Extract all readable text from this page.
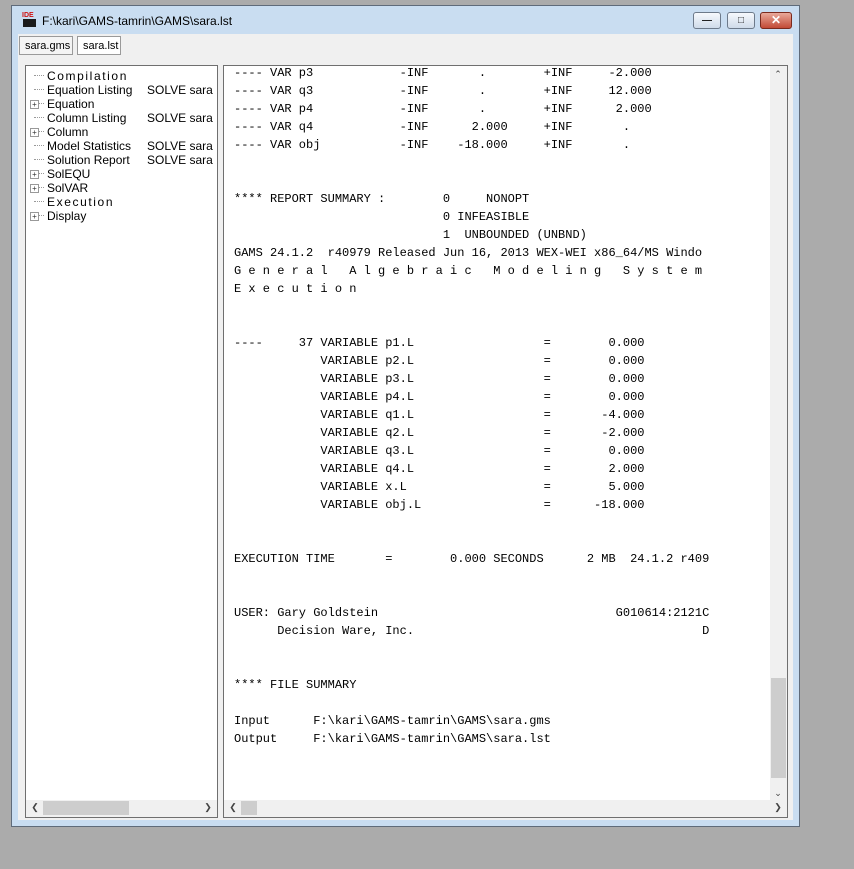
IDE F:\kari\GAMS-tamrin\GAMS\sara.lst	—	□	✕
sara.gms	sara.lst
Compilation
Equation Listing SOLVE sara
+ Equation
Column Listing SOLVE sara
+ Column
Model Statistics SOLVE sara
Solution Report SOLVE sara
+ SolEQU
+ SolVAR
Execution
+ Display
❮	❯
---- VAR p3            -INF       .        +INF     -2.000
---- VAR q3            -INF       .        +INF     12.000
---- VAR p4            -INF       .        +INF      2.000
---- VAR q4            -INF      2.000     +INF       .
---- VAR obj           -INF    -18.000     +INF       .

**** REPORT SUMMARY :        0     NONOPT
0 INFEASIBLE
1  UNBOUNDED (UNBND)
GAMS 24.1.2  r40979 Released Jun 16, 2013 WEX-WEI x86_64/MS Windo
G e n e r a l   A l g e b r a i c   M o d e l i n g   S y s t e m
E x e c u t i o n

----     37 VARIABLE p1.L                  =        0.000
VARIABLE p2.L                  =        0.000
VARIABLE p3.L                  =        0.000
VARIABLE p4.L                  =        0.000
VARIABLE q1.L                  =       -4.000
VARIABLE q2.L                  =       -2.000
VARIABLE q3.L                  =        0.000
VARIABLE q4.L                  =        2.000
VARIABLE x.L                   =        5.000
VARIABLE obj.L                 =      -18.000

EXECUTION TIME       =        0.000 SECONDS      2 MB  24.1.2 r409

USER: Gary Goldstein                                 G010614:2121C
Decision Ware, Inc.                                        D

**** FILE SUMMARY

Input      F:\kari\GAMS-tamrin\GAMS\sara.gms
Output     F:\kari\GAMS-tamrin\GAMS\sara.lst
⌃
⌄
❮	❯
